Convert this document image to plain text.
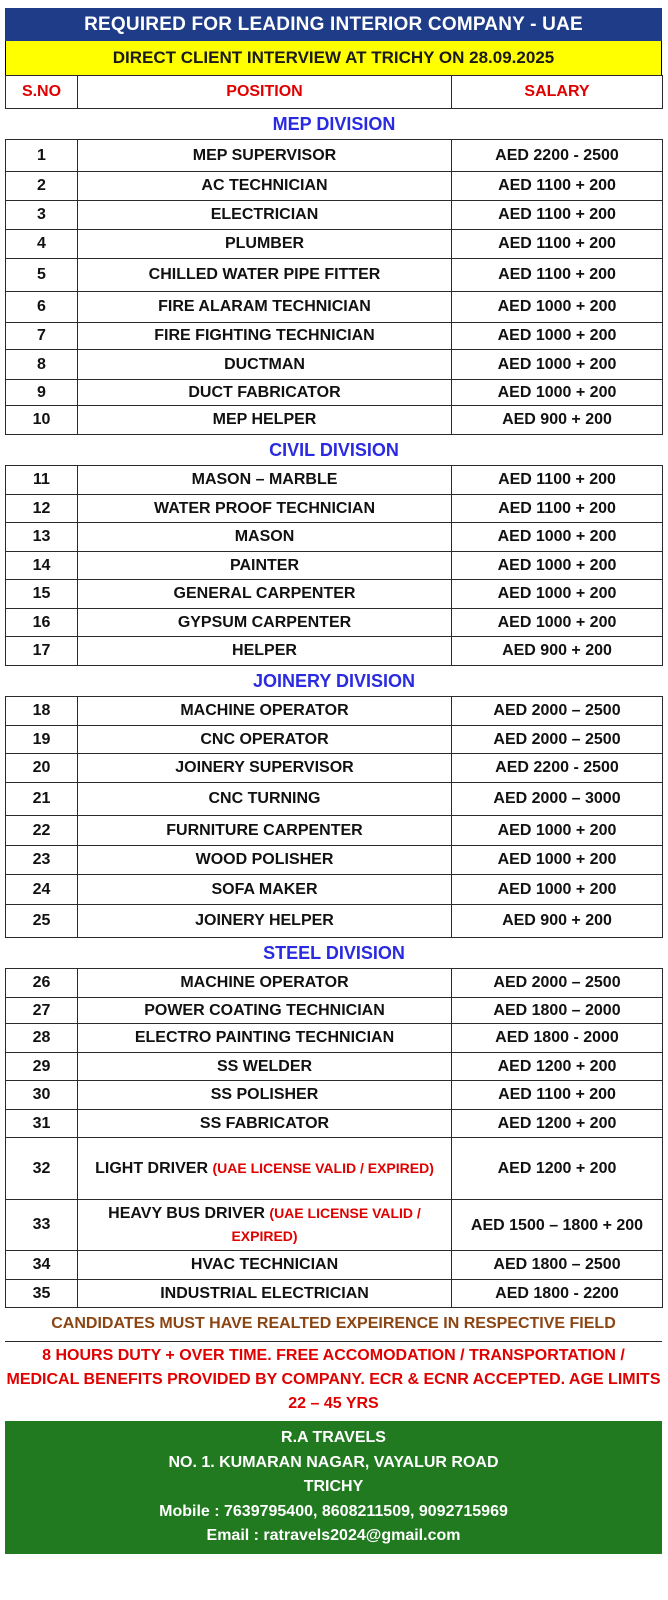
REQUIRED FOR LEADING INTERIOR COMPANY - UAE
DIRECT CLIENT INTERVIEW AT TRICHY ON 28.09.2025
S.NO	POSITION	SALARY
MEP DIVISION		
1	MEP SUPERVISOR	AED 2200 - 2500
2	AC TECHNICIAN	AED 1100 + 200
3	ELECTRICIAN	AED 1100 + 200
4	PLUMBER	AED 1100 + 200
5	CHILLED WATER PIPE FITTER	AED 1100 + 200
6	FIRE ALARAM TECHNICIAN	AED 1000 + 200
7	FIRE FIGHTING TECHNICIAN	AED 1000 + 200
8	DUCTMAN	AED 1000 + 200
9	DUCT FABRICATOR	AED 1000 + 200
10	MEP HELPER	AED 900 + 200
CIVIL DIVISION		
11	MASON – MARBLE	AED 1100 + 200
12	WATER PROOF TECHNICIAN	AED 1100 + 200
13	MASON	AED 1000 + 200
14	PAINTER	AED 1000 + 200
15	GENERAL CARPENTER	AED 1000 + 200
16	GYPSUM CARPENTER	AED 1000 + 200
17	HELPER	AED 900 + 200
JOINERY DIVISION		
18	MACHINE OPERATOR	AED 2000 – 2500
19	CNC OPERATOR	AED 2000 – 2500
20	JOINERY SUPERVISOR	AED 2200 - 2500
21	CNC TURNING	AED 2000 – 3000
22	FURNITURE CARPENTER	AED 1000 + 200
23	WOOD POLISHER	AED 1000 + 200
24	SOFA MAKER	AED 1000 + 200
25	JOINERY HELPER	AED 900 + 200
STEEL DIVISION		
26	MACHINE OPERATOR	AED 2000 – 2500
27	POWER COATING TECHNICIAN	AED 1800 – 2000
28	ELECTRO PAINTING TECHNICIAN	AED 1800 - 2000
29	SS WELDER	AED 1200 + 200
30	SS POLISHER	AED 1100 + 200
31	SS FABRICATOR	AED 1200 + 200
32	LIGHT DRIVER (UAE LICENSE VALID / EXPIRED)	AED 1200 + 200
33	HEAVY BUS DRIVER (UAE LICENSE VALID / EXPIRED)	AED 1500 – 1800 + 200
34	HVAC TECHNICIAN	AED 1800 – 2500
35	INDUSTRIAL ELECTRICIAN	AED 1800 - 2200
CANDIDATES MUST HAVE REALTED EXPEIRENCE IN RESPECTIVE FIELD
8 HOURS DUTY + OVER TIME. FREE ACCOMODATION / TRANSPORTATION / MEDICAL BENEFITS PROVIDED BY COMPANY. ECR & ECNR ACCEPTED. AGE LIMITS 22 – 45 YRS
R.A TRAVELS
NO. 1. KUMARAN NAGAR, VAYALUR ROAD
TRICHY
Mobile : 7639795400, 8608211509, 9092715969
Email : ratravels2024@gmail.com
